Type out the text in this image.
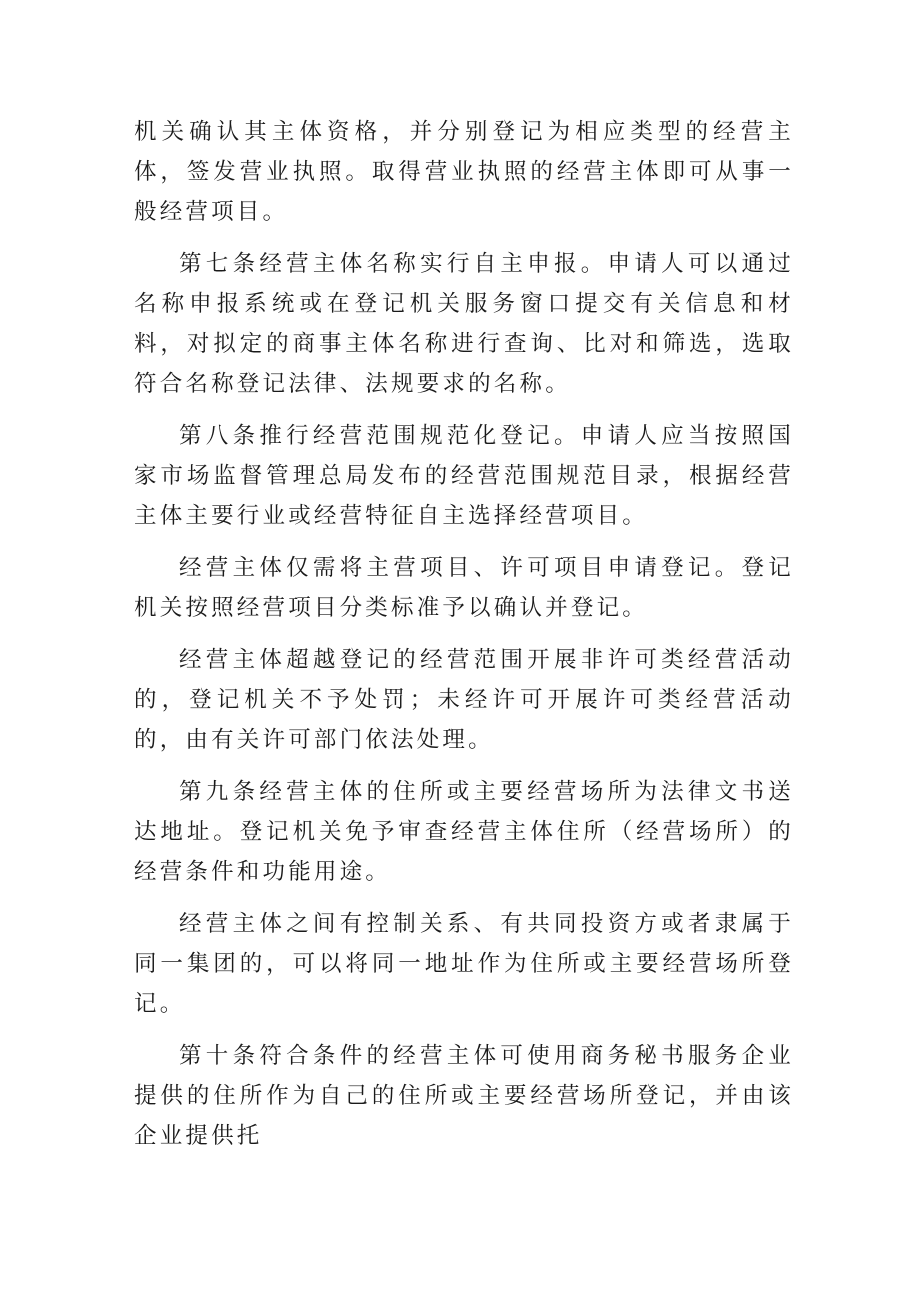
机关确认其主体资格，并分别登记为相应类型的经营主体，签发营业执照。取得营业执照的经营主体即可从事一般经营项目。

第七条经营主体名称实行自主申报。申请人可以通过名称申报系统或在登记机关服务窗口提交有关信息和材料，对拟定的商事主体名称进行查询、比对和筛选，选取符合名称登记法律、法规要求的名称。

第八条推行经营范围规范化登记。申请人应当按照国家市场监督管理总局发布的经营范围规范目录，根据经营主体主要行业或经营特征自主选择经营项目。

经营主体仅需将主营项目、许可项目申请登记。登记机关按照经营项目分类标准予以确认并登记。

经营主体超越登记的经营范围开展非许可类经营活动的，登记机关不予处罚；未经许可开展许可类经营活动的，由有关许可部门依法处理。

第九条经营主体的住所或主要经营场所为法律文书送达地址。登记机关免予审查经营主体住所（经营场所）的经营条件和功能用途。

经营主体之间有控制关系、有共同投资方或者隶属于同一集团的，可以将同一地址作为住所或主要经营场所登记。

第十条符合条件的经营主体可使用商务秘书服务企业提供的住所作为自己的住所或主要经营场所登记，并由该企业提供托
